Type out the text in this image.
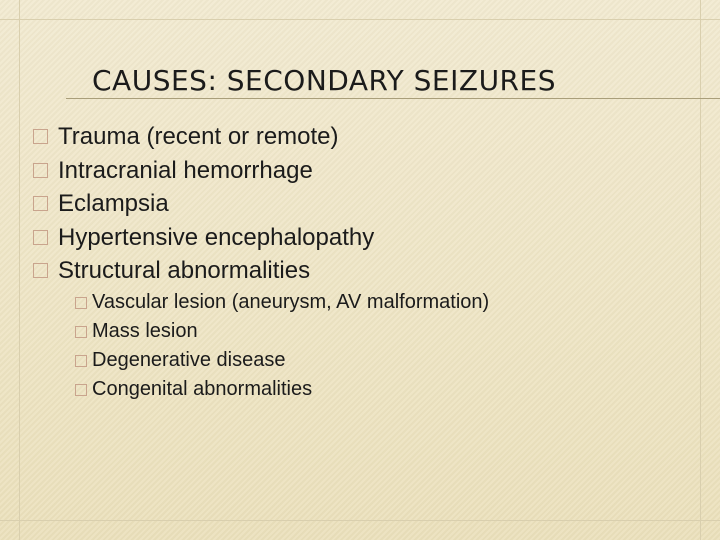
CAUSES: SECONDARY SEIZURES
Trauma (recent or remote)
Intracranial hemorrhage
Eclampsia
Hypertensive encephalopathy
Structural abnormalities
Vascular lesion (aneurysm, AV malformation)
Mass lesion
Degenerative disease
Congenital abnormalities
